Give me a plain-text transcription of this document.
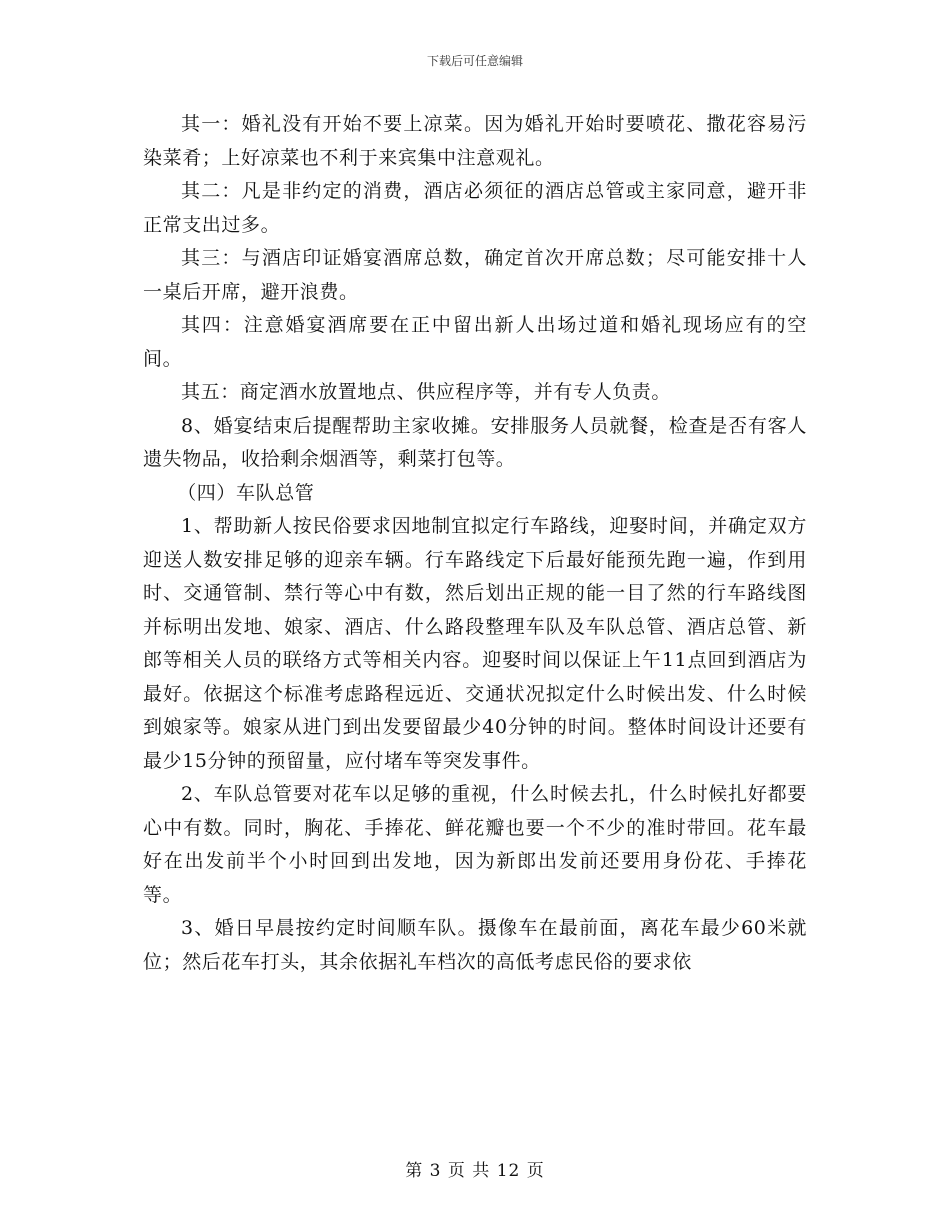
下载后可任意编辑

其一：婚礼没有开始不要上凉菜。因为婚礼开始时要喷花、撒花容易污染菜肴；上好凉菜也不利于来宾集中注意观礼。

其二：凡是非约定的消费，酒店必须征的酒店总管或主家同意，避开非正常支出过多。

其三：与酒店印证婚宴酒席总数，确定首次开席总数；尽可能安排十人一桌后开席，避开浪费。

其四：注意婚宴酒席要在正中留出新人出场过道和婚礼现场应有的空间。

其五：商定酒水放置地点、供应程序等，并有专人负责。

8、婚宴结束后提醒帮助主家收摊。安排服务人员就餐，检查是否有客人遗失物品，收拾剩余烟酒等，剩菜打包等。

（四）车队总管

1、帮助新人按民俗要求因地制宜拟定行车路线，迎娶时间，并确定双方迎送人数安排足够的迎亲车辆。行车路线定下后最好能预先跑一遍，作到用时、交通管制、禁行等心中有数，然后划出正规的能一目了然的行车路线图并标明出发地、娘家、酒店、什么路段整理车队及车队总管、酒店总管、新郎等相关人员的联络方式等相关内容。迎娶时间以保证上午11点回到酒店为最好。依据这个标准考虑路程远近、交通状况拟定什么时候出发、什么时候到娘家等。娘家从进门到出发要留最少40分钟的时间。整体时间设计还要有最少15分钟的预留量，应付堵车等突发事件。

2、车队总管要对花车以足够的重视，什么时候去扎，什么时候扎好都要心中有数。同时，胸花、手捧花、鲜花瓣也要一个不少的准时带回。花车最好在出发前半个小时回到出发地，因为新郎出发前还要用身份花、手捧花等。

3、婚日早晨按约定时间顺车队。摄像车在最前面，离花车最少60米就位；然后花车打头，其余依据礼车档次的高低考虑民俗的要求依

第 3 页 共 12 页
